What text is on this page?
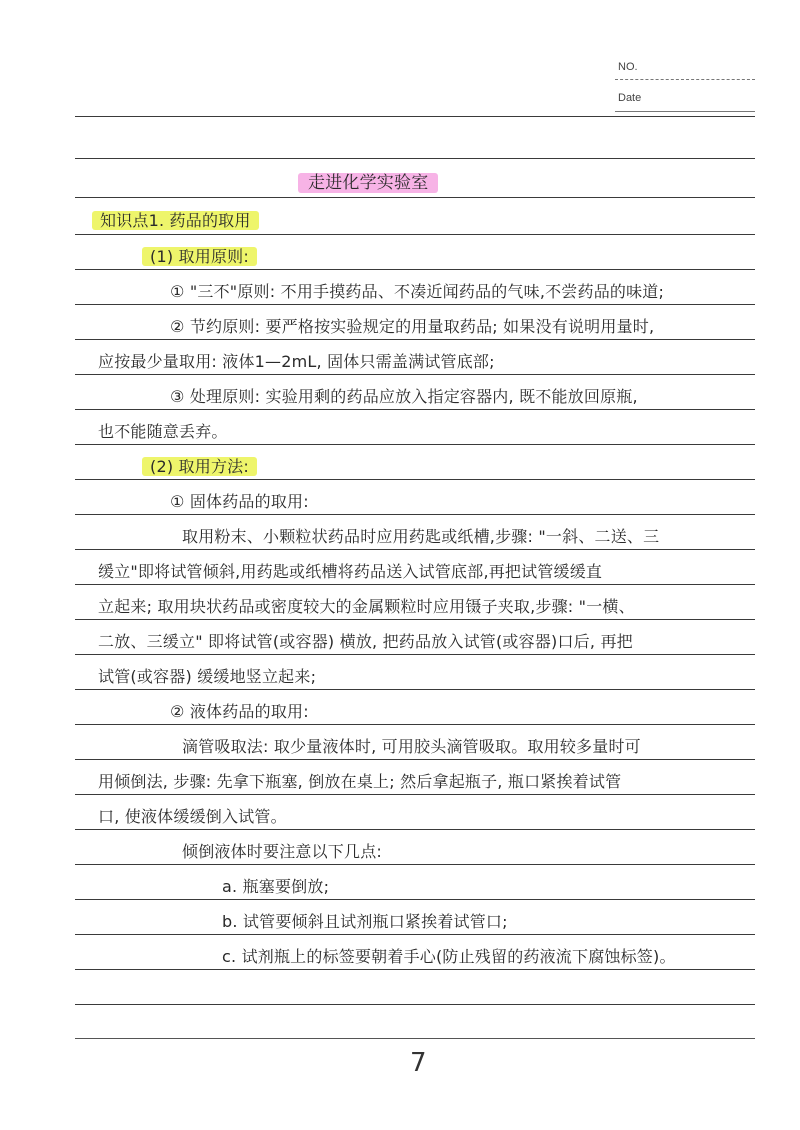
NO.
Date
走进化学实验室
知识点1. 药品的取用
(1) 取用原则:
① "三不"原则: 不用手摸药品、不凑近闻药品的气味,不尝药品的味道;
② 节约原则: 要严格按实验规定的用量取药品; 如果没有说明用量时,
应按最少量取用: 液体1—2mL, 固体只需盖满试管底部;
③ 处理原则: 实验用剩的药品应放入指定容器内, 既不能放回原瓶,
也不能随意丢弃。
(2) 取用方法:
① 固体药品的取用:
取用粉末、小颗粒状药品时应用药匙或纸槽,步骤: "一斜、二送、三
缓立"即将试管倾斜,用药匙或纸槽将药品送入试管底部,再把试管缓缓直
立起来; 取用块状药品或密度较大的金属颗粒时应用镊子夹取,步骤: "一横、
二放、三缓立" 即将试管(或容器) 横放, 把药品放入试管(或容器)口后, 再把
试管(或容器) 缓缓地竖立起来;
② 液体药品的取用:
滴管吸取法: 取少量液体时, 可用胶头滴管吸取。取用较多量时可
用倾倒法, 步骤: 先拿下瓶塞, 倒放在桌上; 然后拿起瓶子, 瓶口紧挨着试管
口, 使液体缓缓倒入试管。
倾倒液体时要注意以下几点:
a. 瓶塞要倒放;
b. 试管要倾斜且试剂瓶口紧挨着试管口;
c. 试剂瓶上的标签要朝着手心(防止残留的药液流下腐蚀标签)。
7
